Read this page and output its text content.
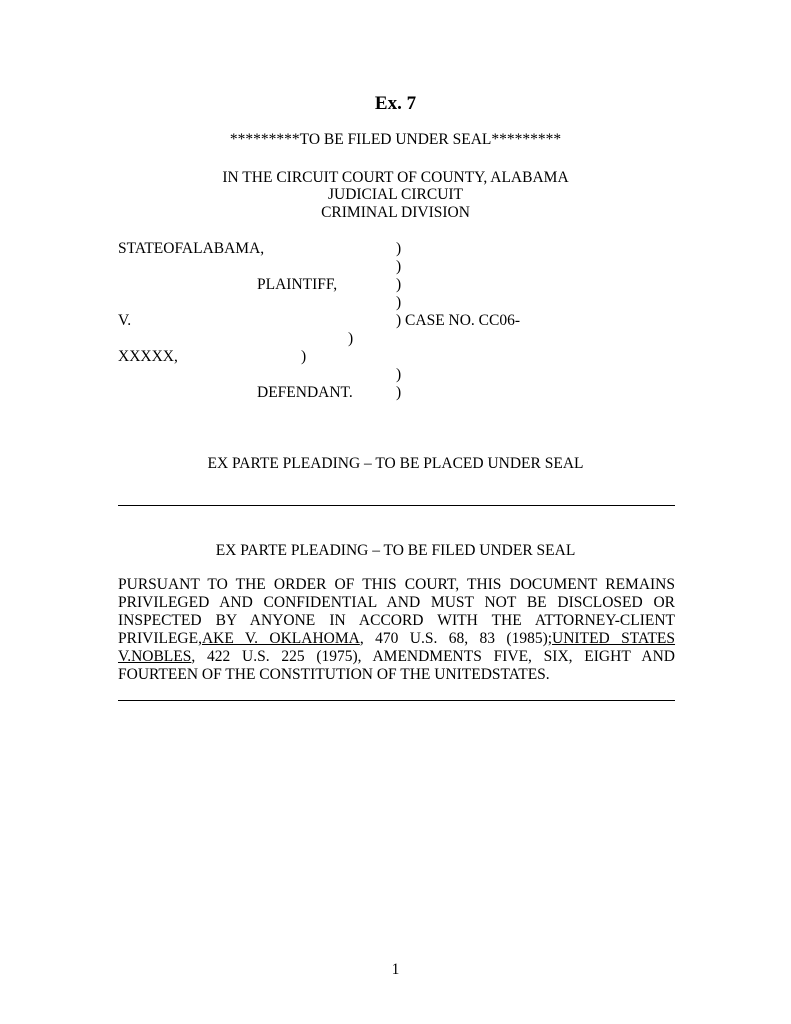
Ex. 7
*********TO BE FILED UNDER SEAL*********
IN THE CIRCUIT COURT OF COUNTY, ALABAMA
JUDICIAL CIRCUIT
CRIMINAL DIVISION
STATEOFALABAMA,	)
)
PLAINTIFF,	)
)
V.	) CASE NO. CC06-
)
XXXXX,	)
)
DEFENDANT.	)
EX PARTE PLEADING – TO BE PLACED UNDER SEAL
EX PARTE PLEADING – TO BE FILED UNDER SEAL
PURSUANT TO THE ORDER OF THIS COURT, THIS DOCUMENT REMAINS PRIVILEGED AND CONFIDENTIAL AND MUST NOT BE DISCLOSED OR INSPECTED BY ANYONE IN ACCORD WITH THE ATTORNEY-CLIENT PRIVILEGE,AKE V. OKLAHOMA, 470 U.S. 68, 83 (1985);UNITED STATES V.NOBLES, 422 U.S. 225 (1975), AMENDMENTS FIVE, SIX, EIGHT AND FOURTEEN OF THE CONSTITUTION OF THE UNITEDSTATES.
1
